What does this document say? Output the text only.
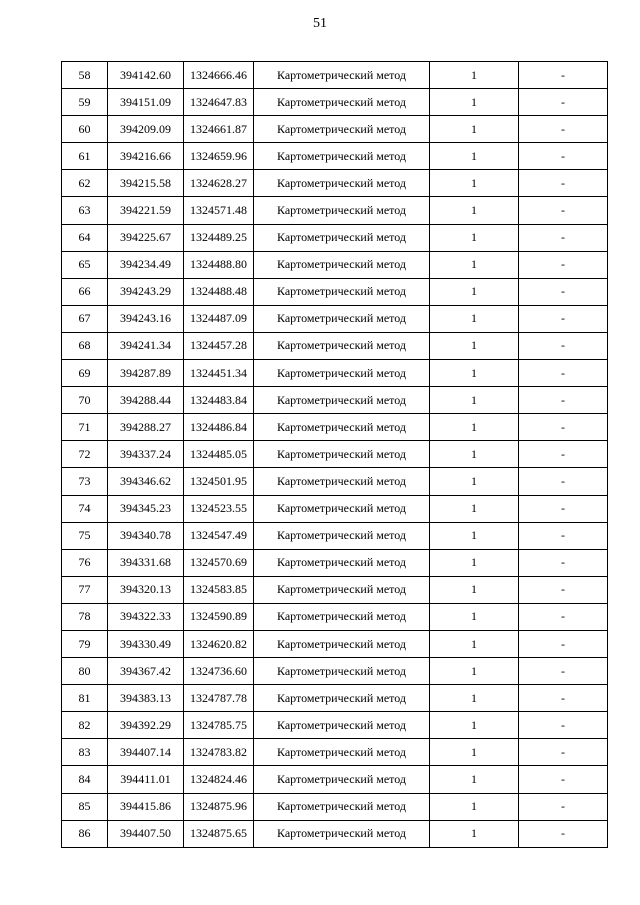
51
58	394142.60	1324666.46	Картометрический метод	1	-
59	394151.09	1324647.83	Картометрический метод	1	-
60	394209.09	1324661.87	Картометрический метод	1	-
61	394216.66	1324659.96	Картометрический метод	1	-
62	394215.58	1324628.27	Картометрический метод	1	-
63	394221.59	1324571.48	Картометрический метод	1	-
64	394225.67	1324489.25	Картометрический метод	1	-
65	394234.49	1324488.80	Картометрический метод	1	-
66	394243.29	1324488.48	Картометрический метод	1	-
67	394243.16	1324487.09	Картометрический метод	1	-
68	394241.34	1324457.28	Картометрический метод	1	-
69	394287.89	1324451.34	Картометрический метод	1	-
70	394288.44	1324483.84	Картометрический метод	1	-
71	394288.27	1324486.84	Картометрический метод	1	-
72	394337.24	1324485.05	Картометрический метод	1	-
73	394346.62	1324501.95	Картометрический метод	1	-
74	394345.23	1324523.55	Картометрический метод	1	-
75	394340.78	1324547.49	Картометрический метод	1	-
76	394331.68	1324570.69	Картометрический метод	1	-
77	394320.13	1324583.85	Картометрический метод	1	-
78	394322.33	1324590.89	Картометрический метод	1	-
79	394330.49	1324620.82	Картометрический метод	1	-
80	394367.42	1324736.60	Картометрический метод	1	-
81	394383.13	1324787.78	Картометрический метод	1	-
82	394392.29	1324785.75	Картометрический метод	1	-
83	394407.14	1324783.82	Картометрический метод	1	-
84	394411.01	1324824.46	Картометрический метод	1	-
85	394415.86	1324875.96	Картометрический метод	1	-
86	394407.50	1324875.65	Картометрический метод	1	-
